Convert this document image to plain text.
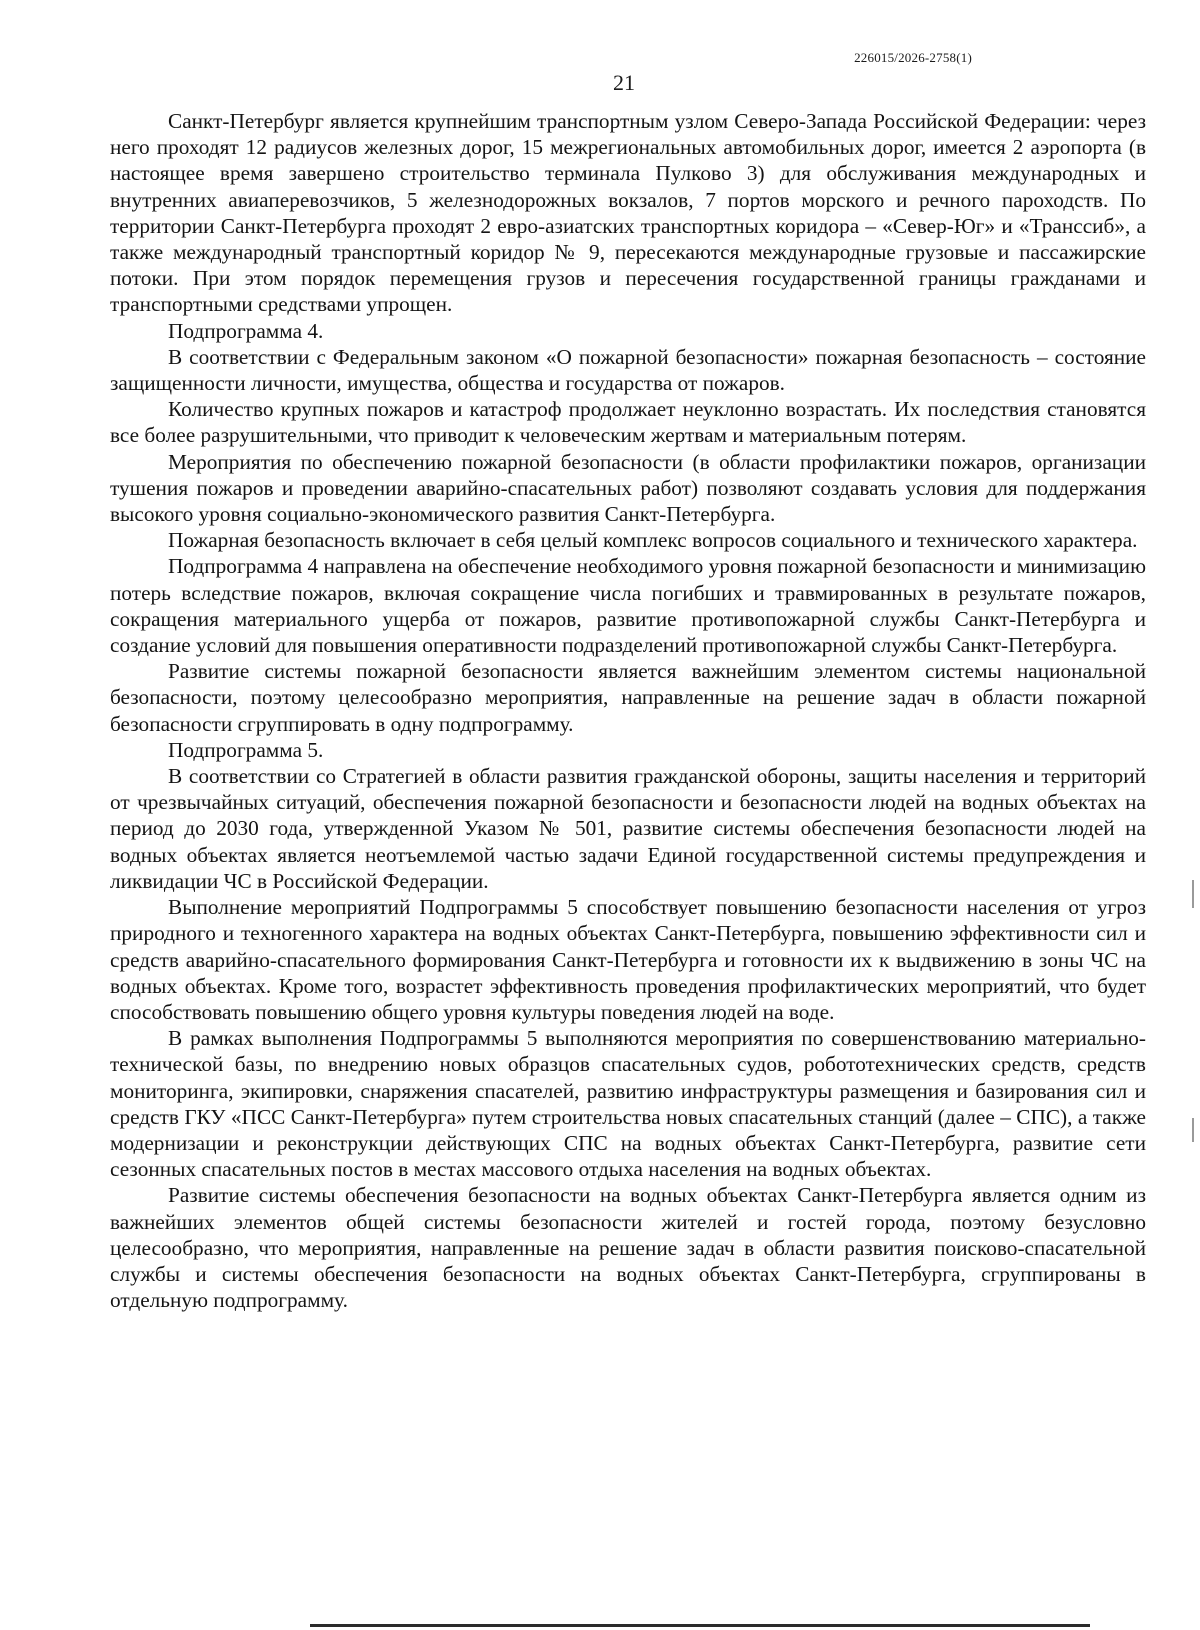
226015/2026-2758(1)
21

Санкт-Петербург является крупнейшим транспортным узлом Северо-Запада Российской Федерации: через него проходят 12 радиусов железных дорог, 15 межрегиональных автомобильных дорог, имеется 2 аэропорта (в настоящее время завершено строительство терминала Пулково 3) для обслуживания международных и внутренних авиаперевозчиков, 5 железнодорожных вокзалов, 7 портов морского и речного пароходств. По территории Санкт-Петербурга проходят 2 евро-азиатских транспортных коридора – «Север-Юг» и «Транссиб», а также международный транспортный коридор № 9, пересекаются международные грузовые и пассажирские потоки. При этом порядок перемещения грузов и пересечения государственной границы гражданами и транспортными средствами упрощен.

Подпрограмма 4.

В соответствии с Федеральным законом «О пожарной безопасности» пожарная безопасность – состояние защищенности личности, имущества, общества и государства от пожаров.

Количество крупных пожаров и катастроф продолжает неуклонно возрастать. Их последствия становятся все более разрушительными, что приводит к человеческим жертвам и материальным потерям.

Мероприятия по обеспечению пожарной безопасности (в области профилактики пожаров, организации тушения пожаров и проведении аварийно-спасательных работ) позволяют создавать условия для поддержания высокого уровня социально-экономического развития Санкт-Петербурга.

Пожарная безопасность включает в себя целый комплекс вопросов социального и технического характера.

Подпрограмма 4 направлена на обеспечение необходимого уровня пожарной безопасности и минимизацию потерь вследствие пожаров, включая сокращение числа погибших и травмированных в результате пожаров, сокращения материального ущерба от пожаров, развитие противопожарной службы Санкт-Петербурга и создание условий для повышения оперативности подразделений противопожарной службы Санкт-Петербурга.

Развитие системы пожарной безопасности является важнейшим элементом системы национальной безопасности, поэтому целесообразно мероприятия, направленные на решение задач в области пожарной безопасности сгруппировать в одну подпрограмму.

Подпрограмма 5.

В соответствии со Стратегией в области развития гражданской обороны, защиты населения и территорий от чрезвычайных ситуаций, обеспечения пожарной безопасности и безопасности людей на водных объектах на период до 2030 года, утвержденной Указом № 501, развитие системы обеспечения безопасности людей на водных объектах является неотъемлемой частью задачи Единой государственной системы предупреждения и ликвидации ЧС в Российской Федерации.

Выполнение мероприятий Подпрограммы 5 способствует повышению безопасности населения от угроз природного и техногенного характера на водных объектах Санкт-Петербурга, повышению эффективности сил и средств аварийно-спасательного формирования Санкт-Петербурга и готовности их к выдвижению в зоны ЧС на водных объектах. Кроме того, возрастет эффективность проведения профилактических мероприятий, что будет способствовать повышению общего уровня культуры поведения людей на воде.

В рамках выполнения Подпрограммы 5 выполняются мероприятия по совершенствованию материально-технической базы, по внедрению новых образцов спасательных судов, робототехнических средств, средств мониторинга, экипировки, снаряжения спасателей, развитию инфраструктуры размещения и базирования сил и средств ГКУ «ПСС Санкт-Петербурга» путем строительства новых спасательных станций (далее – СПС), а также модернизации и реконструкции действующих СПС на водных объектах Санкт-Петербурга, развитие сети сезонных спасательных постов в местах массового отдыха населения на водных объектах.

Развитие системы обеспечения безопасности на водных объектах Санкт-Петербурга является одним из важнейших элементов общей системы безопасности жителей и гостей города, поэтому безусловно целесообразно, что мероприятия, направленные на решение задач в области развития поисково-спасательной службы и системы обеспечения безопасности на водных объектах Санкт-Петербурга, сгруппированы в отдельную подпрограмму.
